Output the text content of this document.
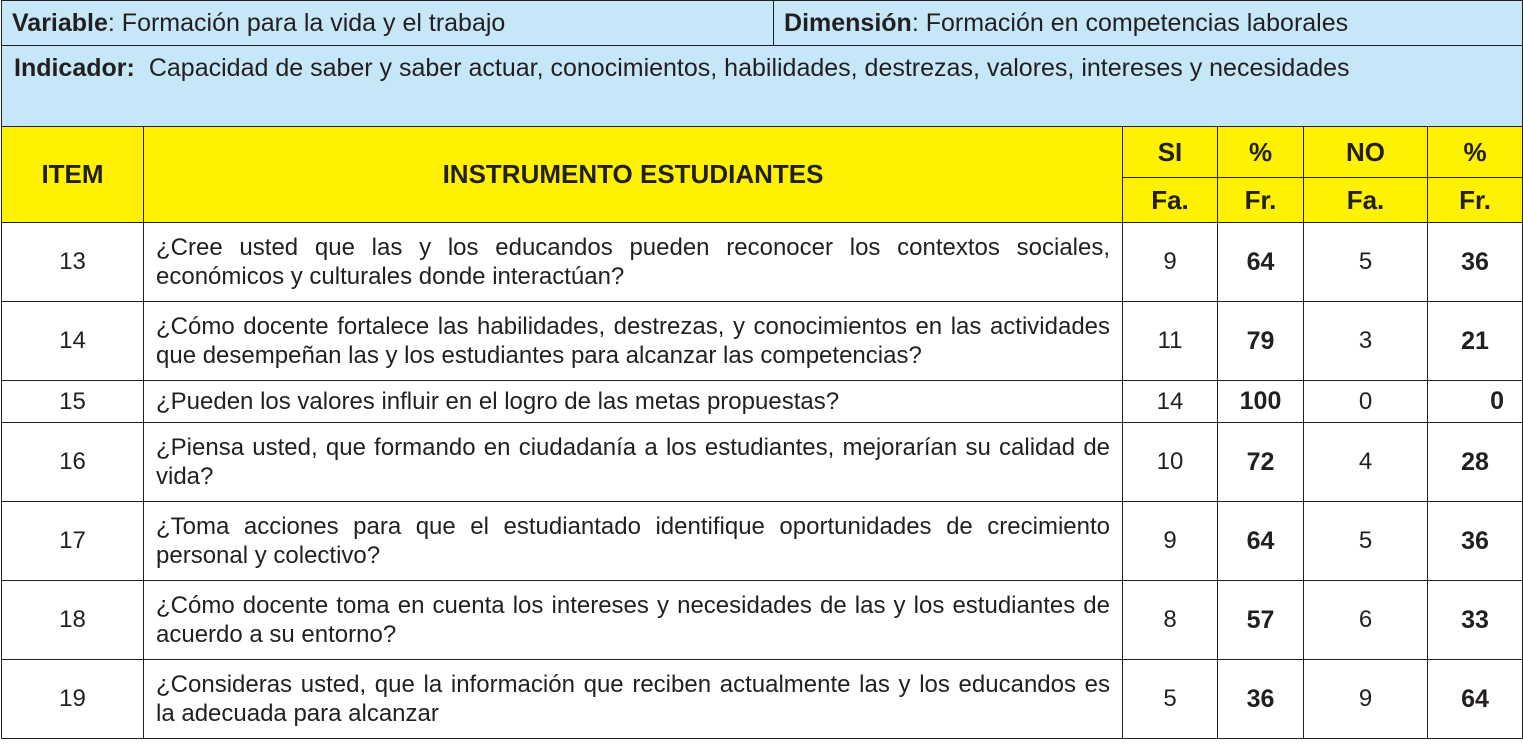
Variable: Formación para la vida y el trabajo		Dimensión: Formación en competencias laborales				

Indicador: Capacidad de saber y saber actuar, conocimientos, habilidades, destrezas, valores, intereses y necesidades						

ITEM	INSTRUMENTO ESTUDIANTES		SI	%	NO	%
			Fa.	Fr.	Fa.	Fr.
13	¿Cree usted que las y los educandos pueden reconocer los contextos sociales, económicos y culturales donde interactúan?		9	64	5	36
14	¿Cómo docente fortalece las habilidades, destrezas, y conocimientos en las actividades que desempeñan las y los estudiantes para alcanzar las competencias?		11	79	3	21
15	¿Pueden los valores influir en el logro de las metas propuestas?		14	100	0	0
16	¿Piensa usted, que formando en ciudadanía a los estudiantes, mejorarían su calidad de vida?		10	72	4	28
17	¿Toma acciones para que el estudiantado identifique oportunidades de crecimiento personal y colectivo?		9	64	5	36
18	¿Cómo docente toma en cuenta los intereses y necesidades de las y los estudiantes de acuerdo a su entorno?		8	57	6	33
19	¿Consideras usted, que la información que reciben actualmente las y los educandos es la adecuada para alcanzar		5	36	9	64
